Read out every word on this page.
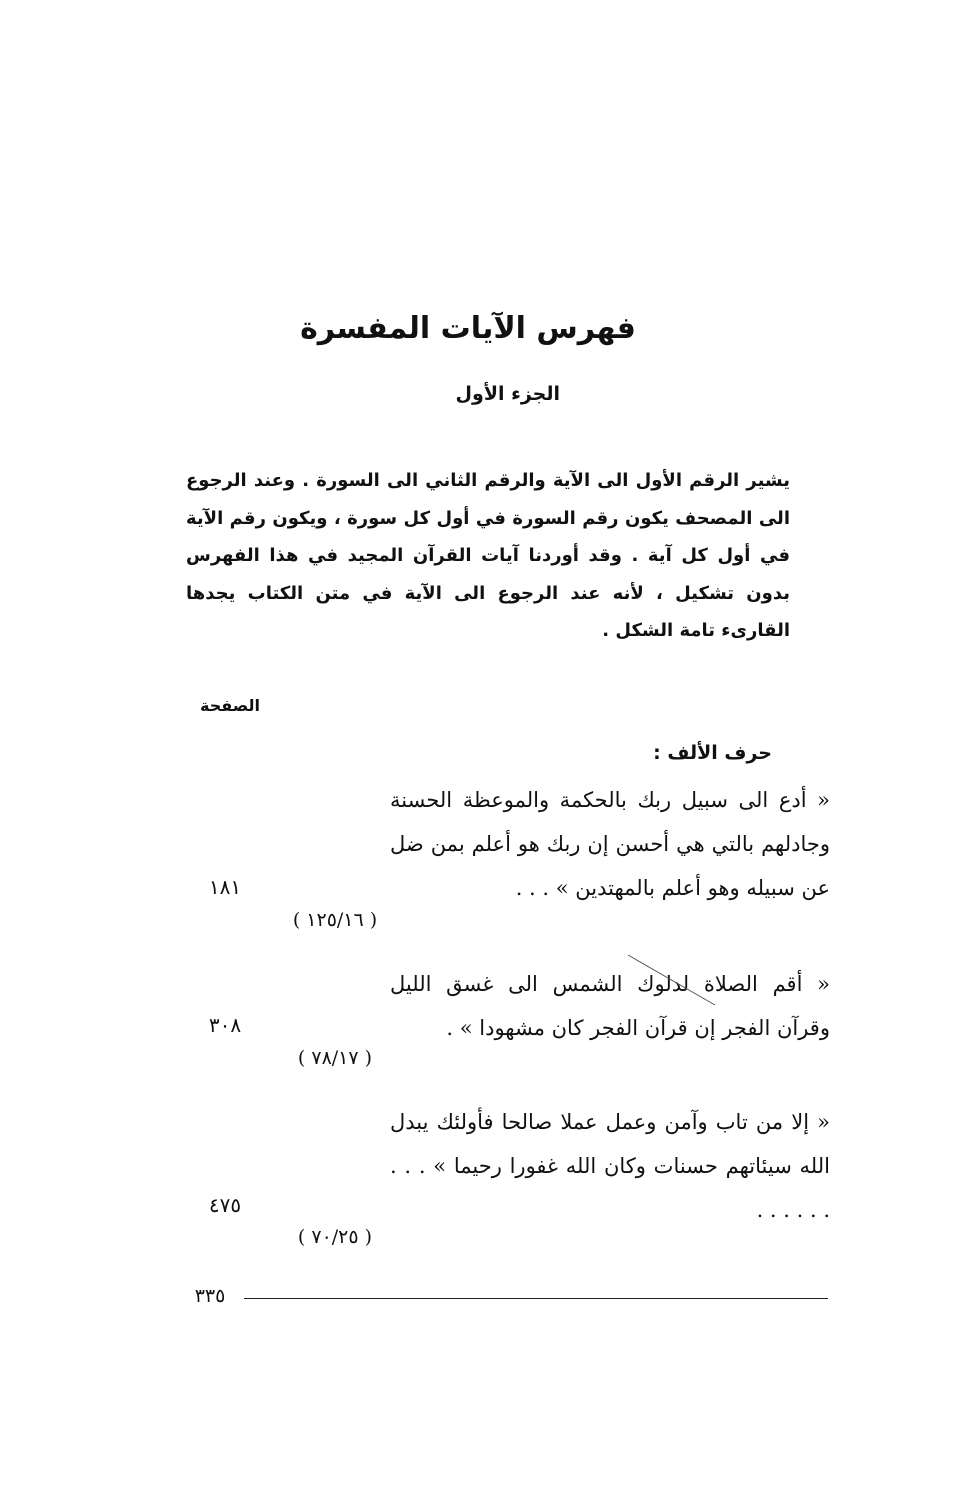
فهرس الآيات المفسرة
الجزء الأول

يشير الرقم الأول الى الآية والرقم الثاني الى السورة . وعند الرجوع الى المصحف يكون رقم السورة في أول كل سورة ، ويكون رقم الآية في أول كل آية . وقد أوردنا آيات القرآن المجيد في هذا الفهرس بدون تشكيل ، لأنه عند الرجوع الى الآية في متن الكتاب يجدها القارىء تامة الشكل .

الصفحة
حرف الألف :

« أدع الى سبيل ربك بالحكمة والموعظة الحسنة وجادلهم بالتي هي أحسن إن ربك هو أعلم بمن ضل عن سبيله وهو أعلم بالمهتدين » . . .

١٨١
( ١٢٥/١٦ )

« أقم الصلاة لدلوك الشمس الى غسق الليل وقرآن الفجر إن قرآن الفجر كان مشهودا » .

٣٠٨
( ٧٨/١٧ )

« إلا من تاب وآمن وعمل عملا صالحا فأولئك يبدل الله سيئاتهم حسنات وكان الله غفورا رحيما » . . . . . . . . .

٤٧٥
( ٧٠/٢٥ )
٣٣٥
